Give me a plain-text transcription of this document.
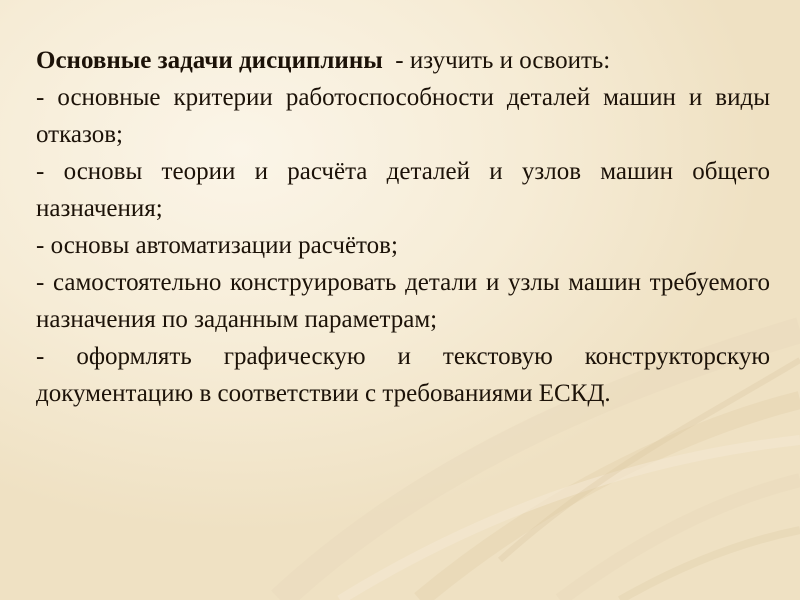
Основные задачи дисциплины  - изучить и освоить:

- основные критерии работоспособности деталей машин и виды отказов;

- основы теории и расчёта деталей и узлов машин общего назначения;

- основы автоматизации расчётов;

- самостоятельно конструировать детали и узлы машин требуемого назначения по заданным параметрам;

- оформлять графическую и текстовую конструкторскую документацию в соответствии с требованиями ЕСКД.
